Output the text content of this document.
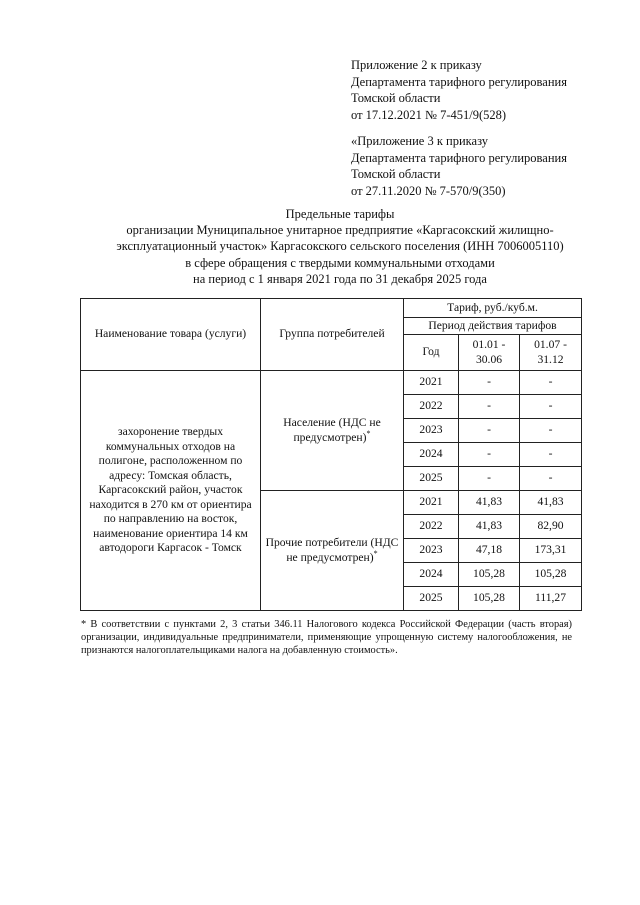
Приложение 2 к приказу
Департамента тарифного регулирования
Томской области
от 17.12.2021 № 7-451/9(528)
«Приложение 3 к приказу
Департамента тарифного регулирования
Томской области
от 27.11.2020 № 7-570/9(350)
Предельные тарифы
организации Муниципальное унитарное предприятие «Каргасокский жилищно-
эксплуатационный участок» Каргасокского сельского поселения (ИНН 7006005110)
в сфере обращения с твердыми коммунальными отходами
на период с 1 января 2021 года по 31 декабря 2025 года
Наименование товара (услуги)	Группа потребителей	Тариф, руб./куб.м.		
		Период действия тарифов		
		Год	01.01 - 30.06	01.07 - 31.12
захоронение твердых коммунальных отходов на полигоне, расположенном по адресу: Томская область, Каргасокский район, участок находится в 270 км от ориентира по направлению на восток, наименование ориентира 14 км автодороги Каргасок - Томск	Население (НДС не предусмотрен)*	2021	-	-
		2022	-	-
		2023	-	-
		2024	-	-
		2025	-	-
	Прочие потребители (НДС не предусмотрен)*	2021	41,83	41,83
		2022	41,83	82,90
		2023	47,18	173,31
		2024	105,28	105,28
		2025	105,28	111,27
* В соответствии с пунктами 2, 3 статьи 346.11 Налогового кодекса Российской Федерации (часть вторая) организации, индивидуальные предприниматели, применяющие упрощенную систему налогообложения, не признаются налогоплательщиками налога на добавленную стоимость».
